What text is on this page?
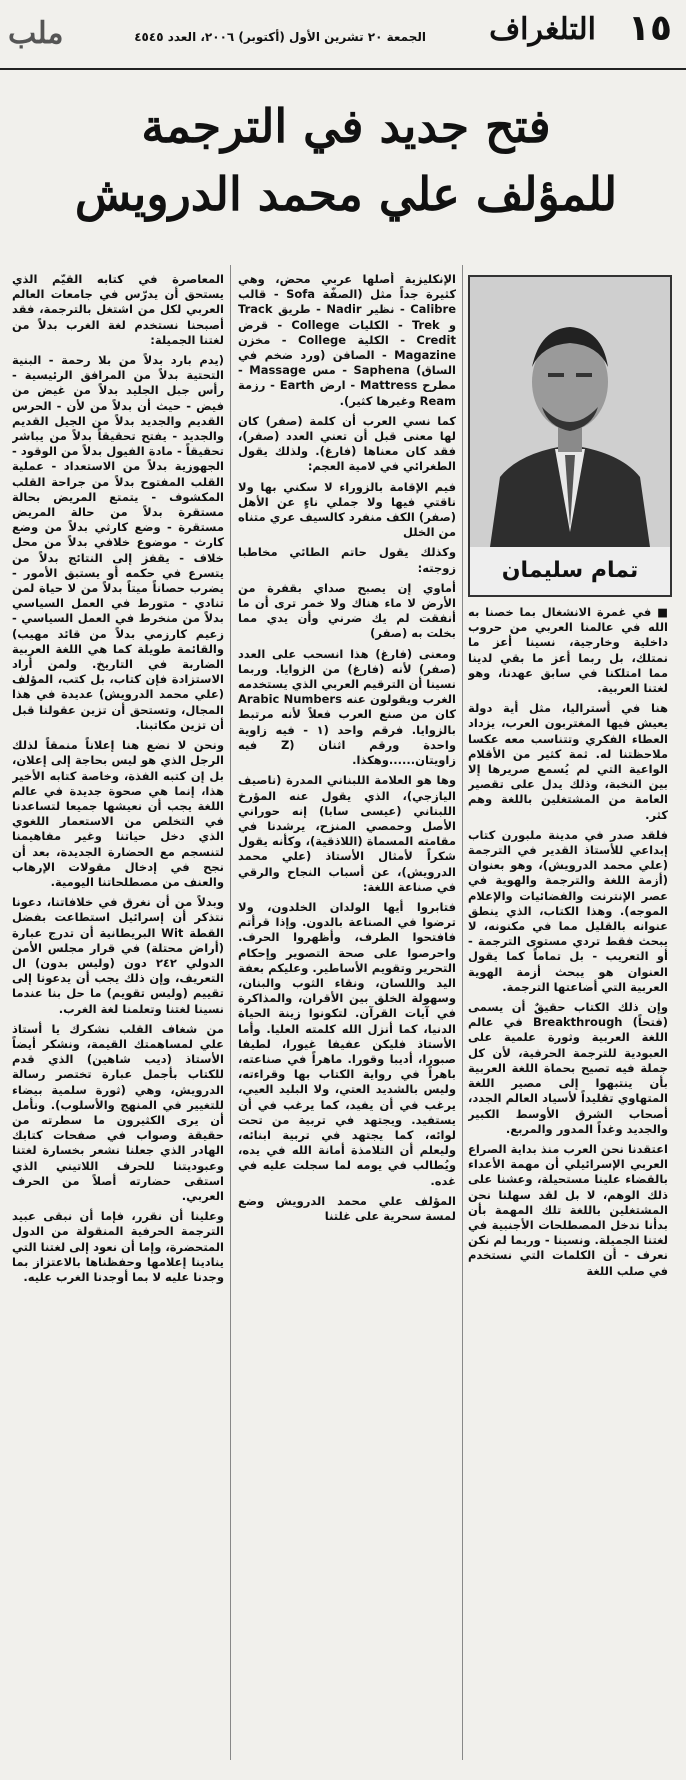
١٥
التلغراف
الجمعة ٢٠ تشرين الأول (أكتوبر) ٢٠٠٦، العدد ٤٥٤٥
ملب
فتح جديد في الترجمة
للمؤلف علي محمد الدرويش
تمام سليمان

■ في غمرة الانشغال بما خصنا به الله في عالمنا العربي من حروب داخلية وخارجية، نسينا أعز ما نمتلك، بل ربما أعز ما بقي لدينا مما امتلكنا في سابق عهدنا، وهو لغتنا العربية.

هنا في أستراليا، مثل أية دولة يعيش فيها المغتربون العرب، يزداد العطاء الفكري وتتناسب معه عكسا ملاحظتنا له. ثمة كثير من الأقلام الواعية التي لم يُسمع صريرها إلا بين النخبة، وذلك يدل على تقصير العامة من المشتغلين باللغة وهم كثر.

فلقد صدر في مدينة ملبورن كتاب إبداعي للأستاذ القدير في الترجمة (علي محمد الدرويش)، وهو بعنوان (أزمة اللغة والترجمة والهوية في عصر الإنترنت والفضائيات والإعلام الموجه). وهذا الكتاب، الذي ينطق عنوانه بالقليل مما في مكنونه، لا يبحث فقط تردي مستوى الترجمة - أو التعريب - بل تماماً كما يقول العنوان هو يبحث أزمة الهوية العربية التي أضاعتها الترجمة.

وإن ذلك الكتاب حقيقٌ أن يسمى (فتحاً) Breakthrough في عالم اللغة العربية وثورة علمية على العبودية للترجمة الحرفية، لأن كل جملة فيه تصيح بحماة اللغة العربية بأن ينتبهوا إلى مصير اللغة المتهاوي تقليداً لأسياد العالم الجدد، أصحاب الشرق الأوسط الكبير والجديد وغداً المدور والمربع.

اعتقدنا نحن العرب منذ بداية الصراع العربي الإسرائيلي أن مهمة الأعداء بالقضاء علينا مستحيلة، وعشنا على ذلك الوهم، لا بل لقد سهلنا نحن المشتغلين باللغة تلك المهمة بأن بدأنا ندخل المصطلحات الأجنبية في لغتنا الجميلة. ونسينا - وربما لم نكن نعرف - أن الكلمات التي نستخدم في صلب اللغة

الإنكليزية أصلها عربي محض، وهي كثيرة جداً مثل (الصفّة Sofa - قالب Calibre - نظير Nadir - طريق Track و Trek - الكليات College - قرض Credit - الكلية College - مخزن Magazine - الصافن (ورد ضخم في الساق) Saphena - مس Massage - مطرح Mattress - ارض Earth - رزمة Ream وغيرها كثير).

كما نسي العرب أن كلمة (صفر) كان لها معنى قبل أن تعني العدد (صفر)، فقد كان معناها (فارغ). ولذلك يقول الطغرائي في لامية العجم:

فيم الإقامة بالزوراء لا سكني بها ولا ناقتي فيها ولا جملي ناءٍ عن الأهل (صفر) الكف منفرد كالسيف عري متناه من الخلل

وكذلك يقول حاتم الطائي مخاطبا زوجته:

أماوي إن يصبح صداي بقفرة من الأرض لا ماء هناك ولا خمر ترى أن ما أنفقت لم يك ضرني وأن يدي مما بخلت به (صفر)

ومعنى (فارغ) هذا انسحب على العدد (صفر) لأنه (فارغ) من الزوايا. وربما نسينا أن الترقيم العربي الذي يستخدمه الغرب ويقولون عنه Arabic Numbers كان من صنع العرب فعلاً لأنه مرتبط بالزوايا. فرقم واحد (١ - فيه زاوية واحدة ورقم اثنان (Z فيه زاويتان......وهكذا.

وها هو العلامة اللبناني المدرة (ناصيف اليازجي)، الذي يقول عنه المؤرخ اللبناني (عيسى سابا) إنه حوراني الأصل وحمصي المنزح، يرشدنا في مقامته المسماة (اللاذقية)، وكأنه يقول شكراً لأمثال الأستاذ (علي محمد الدرويش)، عن أسباب النجاح والرقي في صناعة اللغة:

فتابروا أيها الولدان الخلدون، ولا ترضوا في الصناعة بالدون. وإذا قرأتم فافتحوا الطرف، وأظهروا الحرف. واحرصوا على صحة التصوير وإحكام التحرير وتقويم الأساطير. وعليكم بعفة اليد واللسان، ونقاء الثوب والبنان، وسهولة الخلق بين الأقران، والمذاكرة في آيات القرآن. لتكونوا زينة الحياة الدنيا، كما أنزل الله كلمته العليا. وأما الأستاذ فليكن عفيفا غيورا، لطيفا صبورا، أديبا وقورا. ماهراً في صناعته، باهراً في رواية الكتاب بها وقراءته، وليس بالشديد العتي، ولا البليد العيي، يرغب في أن يفيد، كما يرغب في أن يستفيد. ويجتهد في تربية من تحت لوائه، كما يجتهد في تربية ابنائه، وليعلم أن التلامذة أمانة الله في يده، ويُطالب في يومه لما سجلت عليه في غده.

المؤلف علي محمد الدرويش وضع لمسة سحرية على غلتنا

المعاصرة في كتابه القيّم الذي يستحق أن يدرّس في جامعات العالم العربي لكل من اشتغل بالترجمة، فقد أصبحنا نستخدم لغة الغرب بدلاً من لغتنا الجميلة:

(يدم بارد بدلاً من بلا رحمة - البنية التحتية بدلاً من المرافق الرئيسية - رأس جبل الجليد بدلاً من غيض من فيض - حيث أن بدلاً من لأن - الحرس القديم والجديد بدلاً من الجيل القديم والجديد - يفتح تحقيقاً بدلاً من يباشر تحقيقاً - مادة الفيول بدلاً من الوقود - الجهوزية بدلاً من الاستعداد - عملية القلب المفتوح بدلاً من جراحة القلب المكشوف - يتمتع المريض بحالة مستقرة بدلاً من حالة المريض مستقرة - وضع كارثي بدلاً من وضع كارث - موضوع خلافي بدلاً من محل خلاف - يقفز إلى النتائج بدلاً من يتسرع في حكمه أو يستبق الأمور - يضرب حصاناً ميتاً بدلاً من لا حياة لمن تنادي - متورط في العمل السياسي بدلاً من منخرط في العمل السياسي - زعيم كارزمي بدلاً من قائد مهيب) والقائمة طويلة كما هي اللغة العربية الضاربة في التاريخ. ولمن أراد الاستزادة فإن كتاب، بل كتب، المؤلف (علي محمد الدرويش) عديدة في هذا المجال، وتستحق أن تزين عقولنا قبل أن تزين مكاتبنا.

ونحن لا نضع هنا إعلاناً منمقاً لذلك الرجل الذي هو ليس بحاجة إلى إعلان، بل إن كتبه الفذة، وخاصة كتابه الأخير هذا، إنما هي صحوة جديدة في عالم اللغة يجب أن نعيشها جميعا لتساعدنا في التخلص من الاستعمار اللغوي الذي دخل حياتنا وغير مفاهيمنا لتنسجم مع الحضارة الجديدة، بعد أن نجح في إدخال مقولات الإرهاب والعنف من مصطلحاتنا اليومية.

وبدلاً من أن نغرق في خلافاتنا، دعونا نتذكر أن إسرائيل استطاعت بفضل القطة Wit البريطانية أن تدرج عبارة (أراض محتلة) في قرار مجلس الأمن الدولي ٢٤٢ دون (وليس بدون) ال التعريف، وإن ذلك يجب أن يدعونا إلى تقييم (وليس تقويم) ما حل بنا عندما نسينا لغتنا وتعلمنا لغة الغرب.

من شغاف القلب نشكرك يا أستاذ علي لمساهمتك القيمة، ونشكر أيضاً الأستاذ (ديب شاهين) الذي قدم للكتاب بأجمل عبارة تختصر رسالة الدرويش، وهي (ثورة سلمية بيضاء للتغيير في المنهج والأسلوب). ونأمل أن يرى الكثيرون ما سطرته من حقيقة وصواب في صفحات كتابك الهادر الذي جعلنا نشعر بخسارة لغتنا وعبوديتنا للحرف اللاتيني الذي استقى حضارته أصلاً من الحرف العربي.

وعلينا أن نقرر، فإما أن نبقى عبيد الترجمة الحرفية المنقولة من الدول المتحضرة، وإما أن نعود إلى لغتنا التي ينادينا إعلامها وحفظناها بالاعتزاز بما وجدنا عليه لا بما أوجدنا الغرب عليه.
